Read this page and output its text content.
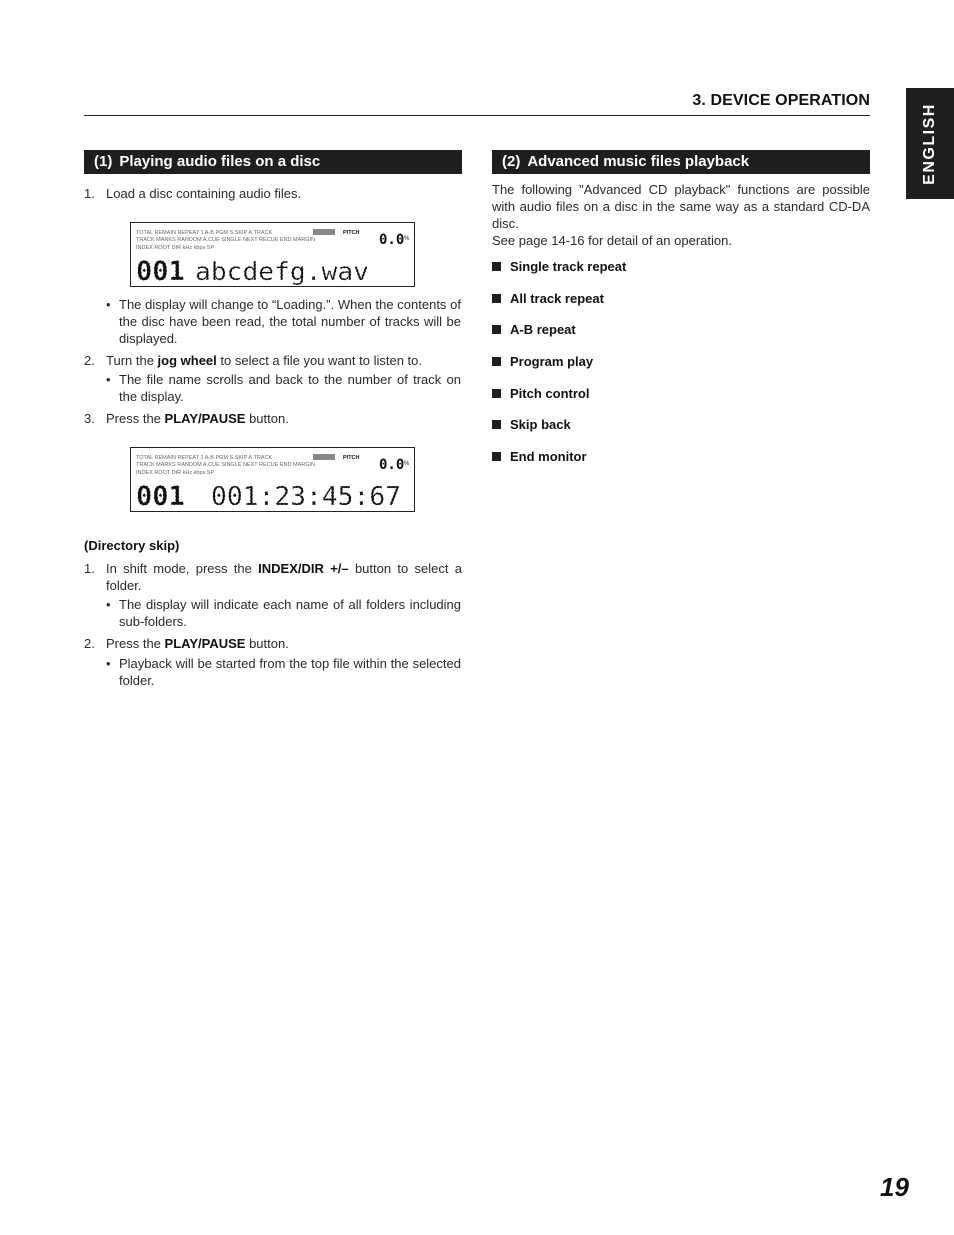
3. DEVICE OPERATION
ENGLISH
(1) Playing audio files on a disc
1. Load a disc containing audio files.
TOTAL REMAIN REPEAT 1 A-B PGM S.SKIP A.TRACK
TRACK MARKS RANDOM A.CUE SINGLE NEXT RECUE END MARGIN
INDEX ROOT DIR kHz kbps SP
PITCH 0.0 %
001 abcdefg.wav
• The display will change to “Loading.”. When the contents of the disc have been read, the total number of tracks will be displayed.
2. Turn the jog wheel to select a file you want to listen to.
• The file name scrolls and back to the number of track on the display.
3. Press the PLAY/PAUSE button.
TOTAL REMAIN REPEAT 1 A-B PGM S.SKIP A.TRACK
TRACK MARKS RANDOM A.CUE SINGLE NEXT RECUE END MARGIN
INDEX ROOT DIR kHz kbps SP
PITCH 0.0 %
001 001:23:45:67
(Directory skip)
1. In shift mode, press the INDEX/DIR +/– button to select a folder.
• The display will indicate each name of all folders including sub-folders.
2. Press the PLAY/PAUSE button.
• Playback will be started from the top file within the selected folder.
(2) Advanced music files playback
The following "Advanced CD playback" functions are possible with audio files on a disc in the same way as a standard CD-DA disc.
See page 14-16 for detail of an operation.
Single track repeat
All track repeat
A-B repeat
Program play
Pitch control
Skip back
End monitor
19
